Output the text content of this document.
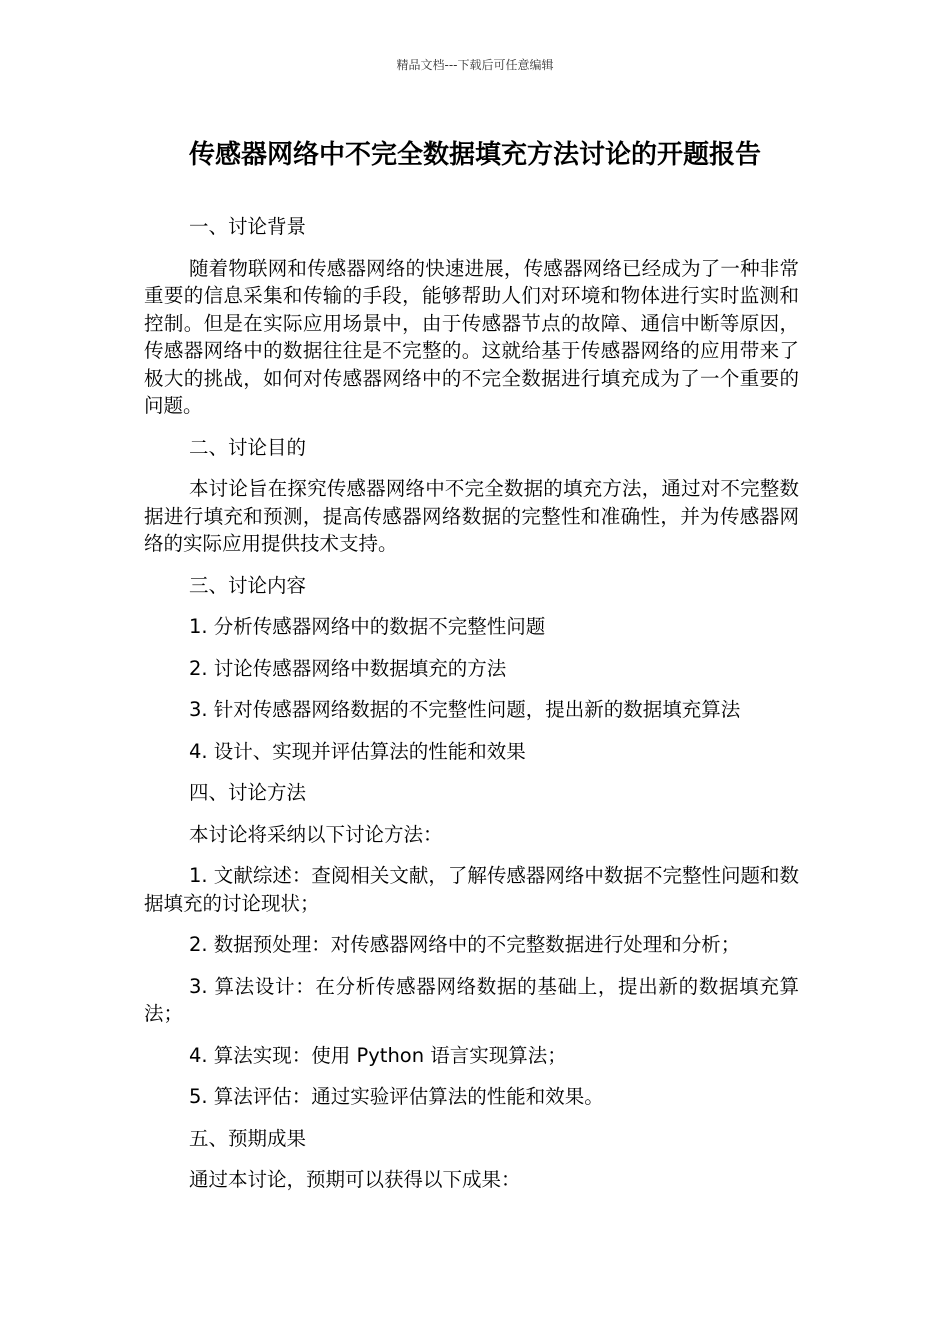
精品文档---下载后可任意编辑
传感器网络中不完全数据填充方法讨论的开题报告

一、讨论背景

随着物联网和传感器网络的快速进展，传感器网络已经成为了一种非常重要的信息采集和传输的手段，能够帮助人们对环境和物体进行实时监测和控制。但是在实际应用场景中，由于传感器节点的故障、通信中断等原因，传感器网络中的数据往往是不完整的。这就给基于传感器网络的应用带来了极大的挑战，如何对传感器网络中的不完全数据进行填充成为了一个重要的问题。

二、讨论目的

本讨论旨在探究传感器网络中不完全数据的填充方法，通过对不完整数据进行填充和预测，提高传感器网络数据的完整性和准确性，并为传感器网络的实际应用提供技术支持。

三、讨论内容

1. 分析传感器网络中的数据不完整性问题

2. 讨论传感器网络中数据填充的方法

3. 针对传感器网络数据的不完整性问题，提出新的数据填充算法

4. 设计、实现并评估算法的性能和效果

四、讨论方法

本讨论将采纳以下讨论方法：

1. 文献综述：查阅相关文献，了解传感器网络中数据不完整性问题和数据填充的讨论现状；

2. 数据预处理：对传感器网络中的不完整数据进行处理和分析；

3. 算法设计：在分析传感器网络数据的基础上，提出新的数据填充算法；

4. 算法实现：使用 Python 语言实现算法；

5. 算法评估：通过实验评估算法的性能和效果。

五、预期成果

通过本讨论，预期可以获得以下成果：
